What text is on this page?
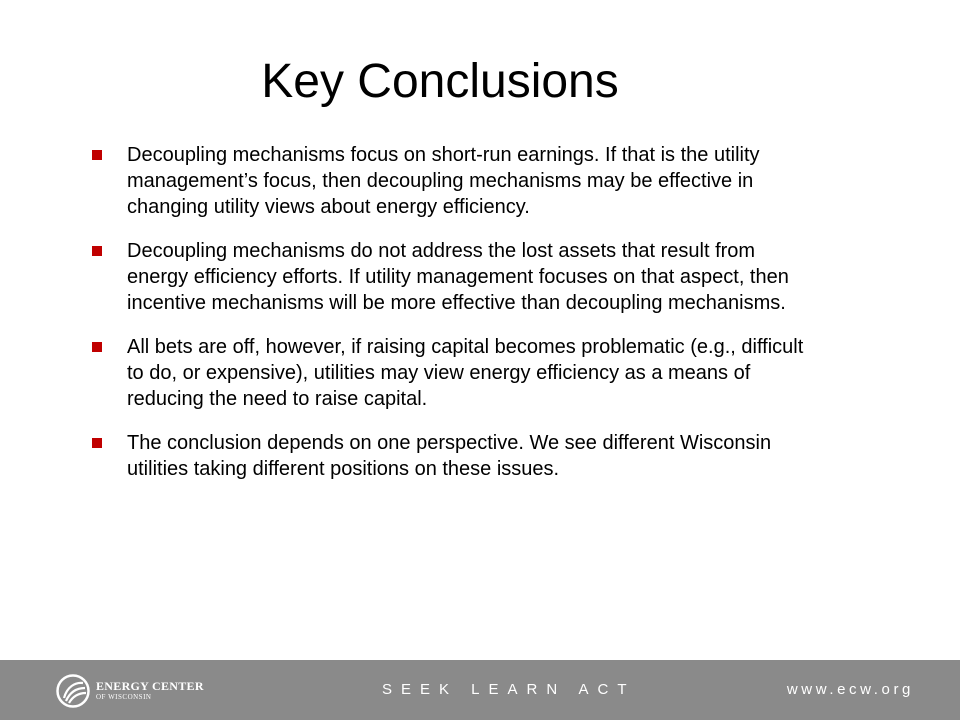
Key Conclusions
Decoupling mechanisms focus on short-run earnings. If that is the utility management’s focus, then decoupling mechanisms may be effective in changing utility views about energy efficiency.
Decoupling mechanisms do not address the lost assets that result from energy efficiency efforts. If utility management focuses on that aspect, then incentive mechanisms will be more effective than decoupling mechanisms.
All bets are off, however, if raising capital becomes problematic (e.g., difficult to do, or expensive), utilities may view energy efficiency as a means of reducing the need to raise capital.
The conclusion depends on one perspective. We see different Wisconsin utilities taking different positions on these issues.
ENERGY CENTER
OF WISCONSIN	SEEK LEARN ACT	www.ecw.org
